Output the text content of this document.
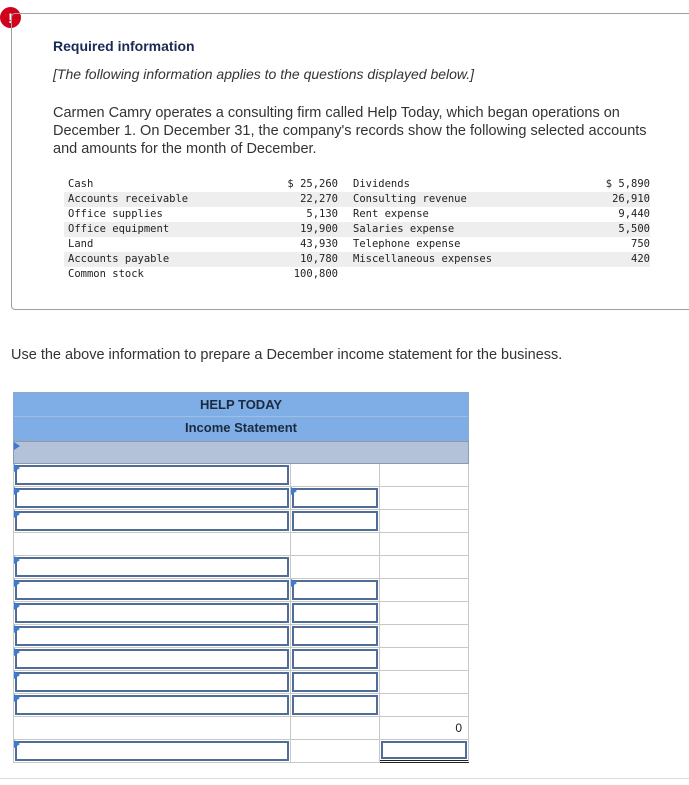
!
Required information
[The following information applies to the questions displayed below.]
Carmen Camry operates a consulting firm called Help Today, which began operations on December 1. On December 31, the company's records show the following selected accounts and amounts for the month of December.
Cash	$ 25,260	Dividends	$ 5,890
Accounts receivable	22,270	Consulting revenue	26,910
Office supplies	5,130	Rent expense	9,440
Office equipment	19,900	Salaries expense	5,500
Land	43,930	Telephone expense	750
Accounts payable	10,780	Miscellaneous expenses	420
Common stock	100,800
Use the above information to prepare a December income statement for the business.
HELP TODAY
Income Statement
0
